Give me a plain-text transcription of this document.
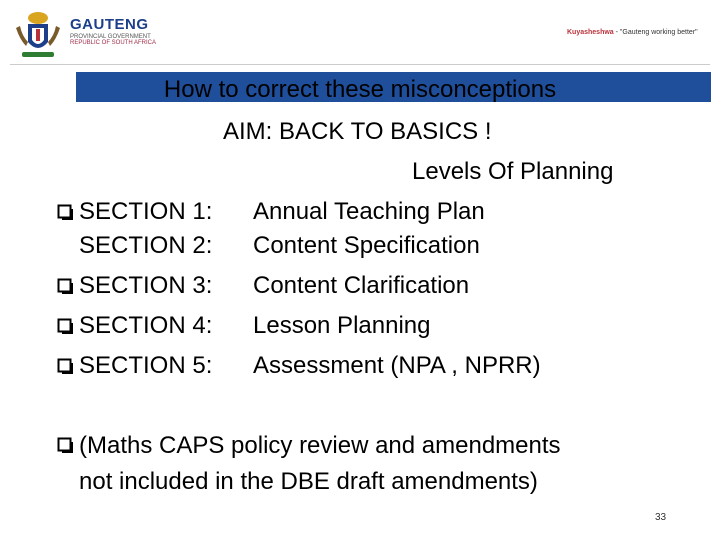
GAUTENG
PROVINCIAL GOVERNMENT
REPUBLIC OF SOUTH AFRICA
Kuyasheshwa - "Gauteng working better"
How to correct these misconceptions
AIM: BACK TO BASICS !
Levels Of Planning
SECTION 1: Annual Teaching Plan
SECTION 2: Content Specification
SECTION 3: Content Clarification
SECTION 4: Lesson Planning
SECTION 5: Assessment (NPA , NPRR)
(Maths CAPS policy review and amendments
not included in the DBE draft amendments)
33
